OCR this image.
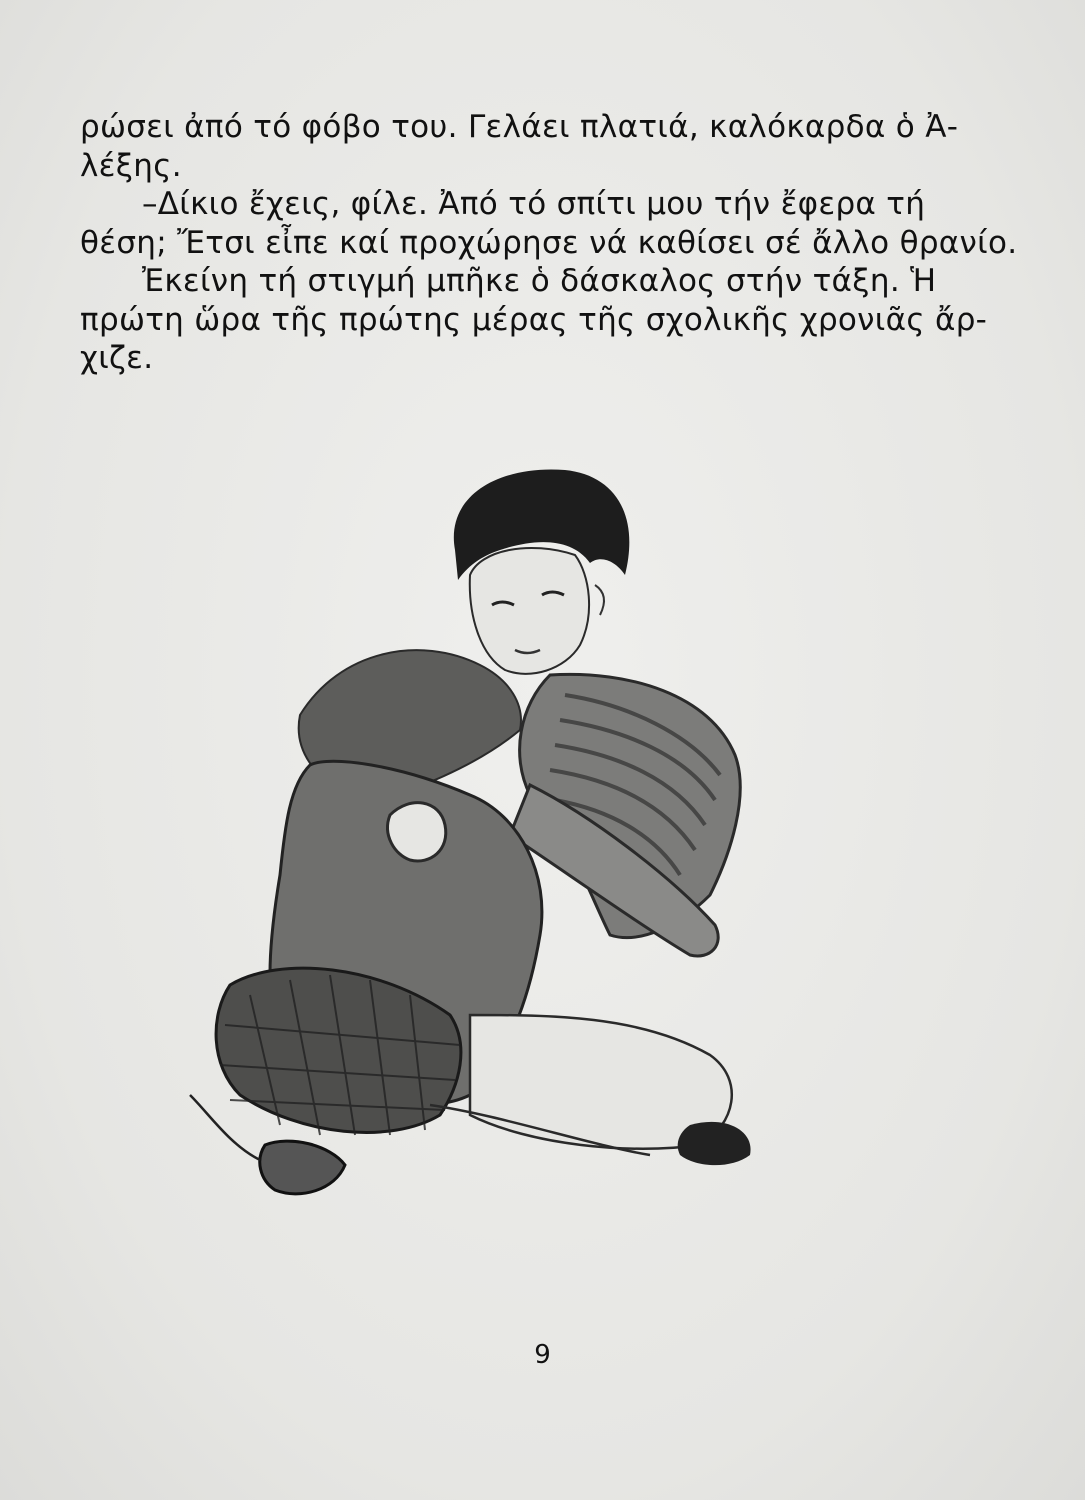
ρώσει ἀπό τό φόβο του. Γελάει πλατιά, καλόκαρδα ὁ Ἀ-
λέξης.
–Δίκιο ἔχεις, φίλε. Ἀπό τό σπίτι μου τήν ἔφερα τή
θέση; Ἔτσι εἶπε καί προχώρησε νά καθίσει σέ ἄλλο θρανίο.
Ἐκείνη τή στιγμή μπῆκε ὁ δάσκαλος στήν τάξη. Ἡ
πρώτη ὥρα τῆς πρώτης μέρας τῆς σχολικῆς χρονιᾶς ἄρ-
χιζε.
9
